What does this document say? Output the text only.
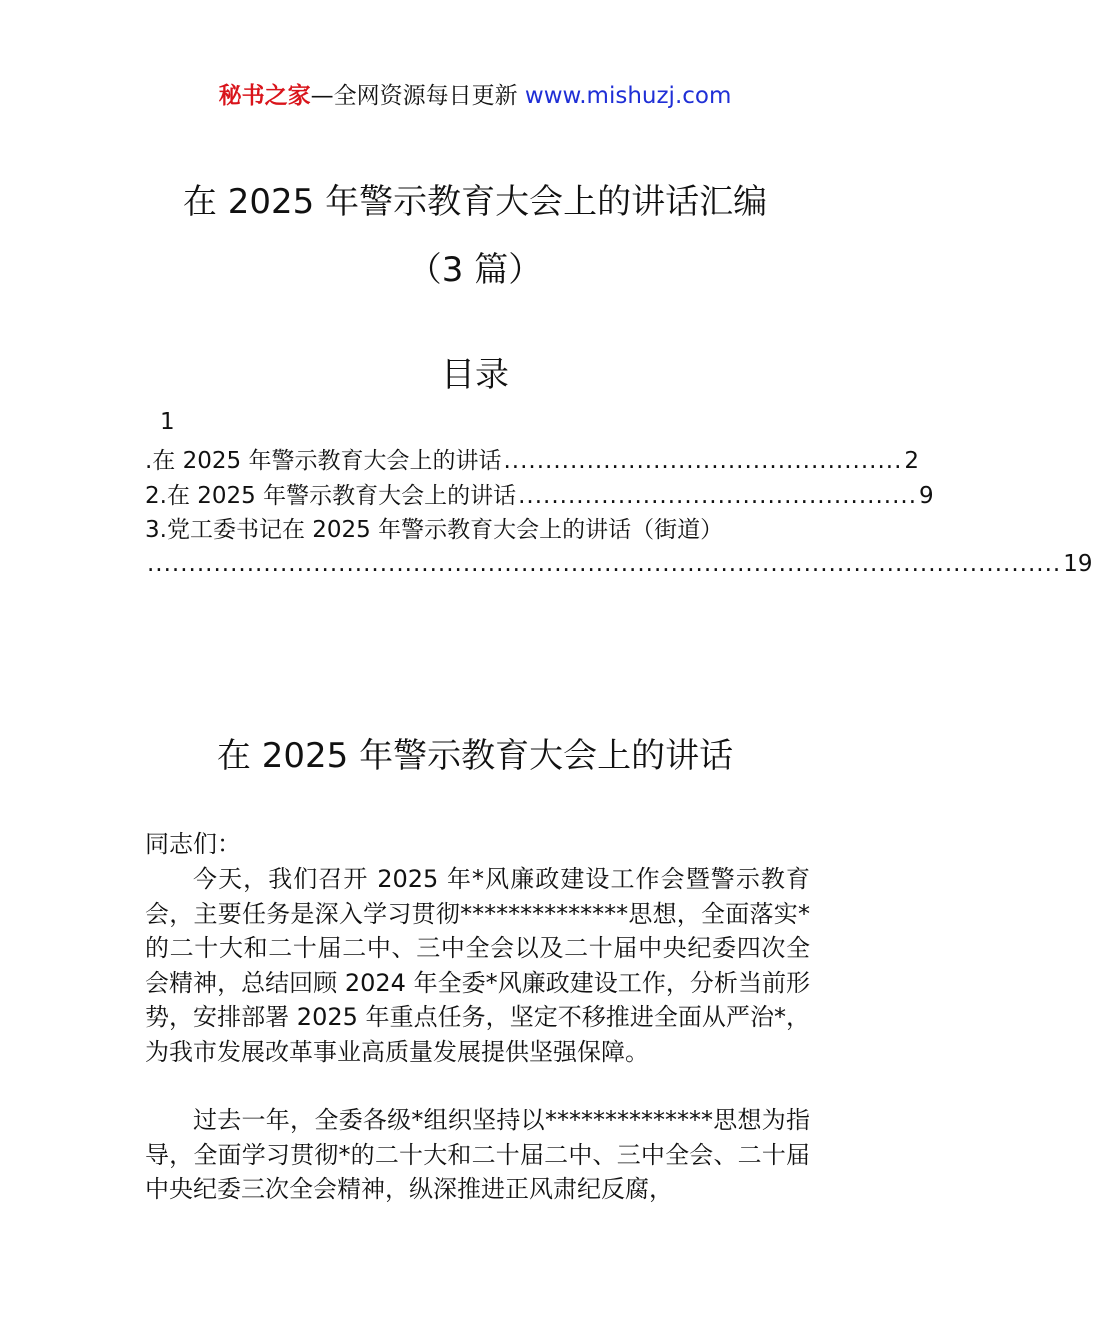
秘书之家—全网资源每日更新 www.mishuzj.com
在 2025 年警示教育大会上的讲话汇编
（3 篇）
目录
1
.在 2025 年警示教育大会上的讲话 ................................................ 2
2.在 2025 年警示教育大会上的讲话 ................................................ 9
3.党工委书记在 2025 年警示教育大会上的讲话（街道）
.............................................................................................................. 19
在 2025 年警示教育大会上的讲话
同志们：
今天，我们召开 2025 年*风廉政建设工作会暨警示教育会，主要任务是深入学习贯彻**************思想，全面落实*的二十大和二十届二中、三中全会以及二十届中央纪委四次全会精神，总结回顾 2024 年全委*风廉政建设工作，分析当前形势，安排部署 2025 年重点任务，坚定不移推进全面从严治*，为我市发展改革事业高质量发展提供坚强保障。
过去一年，全委各级*组织坚持以**************思想为指导，全面学习贯彻*的二十大和二十届二中、三中全会、二十届中央纪委三次全会精神，纵深推进正风肃纪反腐，
